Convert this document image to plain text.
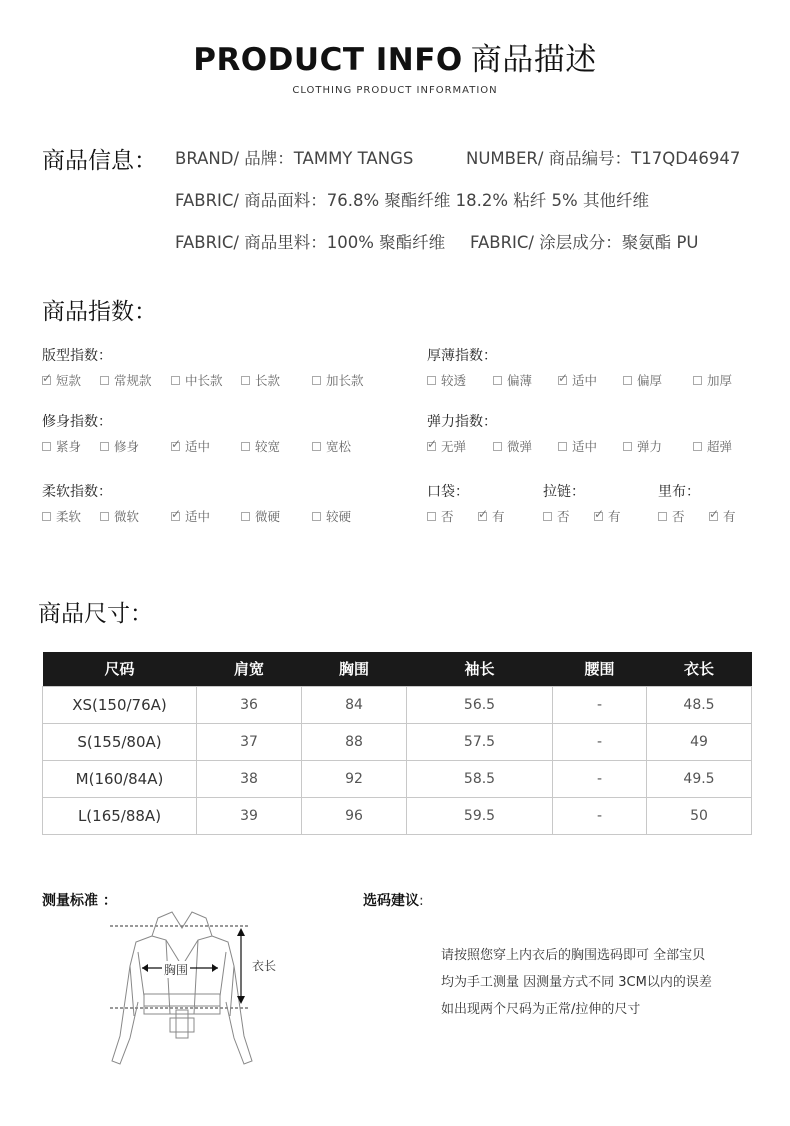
PRODUCT INFO 商品描述
CLOTHING PRODUCT INFORMATION
商品信息： BRAND/ 品牌：TAMMY TANGS	NUMBER/ 商品编号：T17QD46947
FABRIC/ 商品面料：76.8% 聚酯纤维 18.2% 粘纤 5% 其他纤维
FABRIC/ 商品里料：100% 聚酯纤维 FABRIC/ 涂层成分：聚氨酯 PU
商品指数：
版型指数：
✓
短款	常规款	中长款	长款	加长款
厚薄指数：
较透	偏薄 ✓	适中	偏厚	加厚
修身指数：
紧身	修身 ✓	适中	较宽	宽松
弹力指数：
✓
无弹	微弹	适中	弹力	超弹
柔软指数：
柔软	微软 ✓	适中	微硬	较硬
口袋：
否 ✓	有
拉链：
否 ✓	有
里布：
否 ✓	有
商品尺寸：
尺码	肩宽	胸围	袖长	腰围	衣长
XS(150/76A)	36	84	56.5	-	48.5
S(155/80A)	37	88	57.5	-	49
M(160/84A)	38	92	58.5	-	49.5
L(165/88A)	39	96	59.5	-	50
测量标准 ：	选码建议:
胸围	衣长

请按照您穿上内衣后的胸围选码即可 全部宝贝

均为手工测量 因测量方式不同 3CM以内的误差

如出现两个尺码为正常/拉伸的尺寸
